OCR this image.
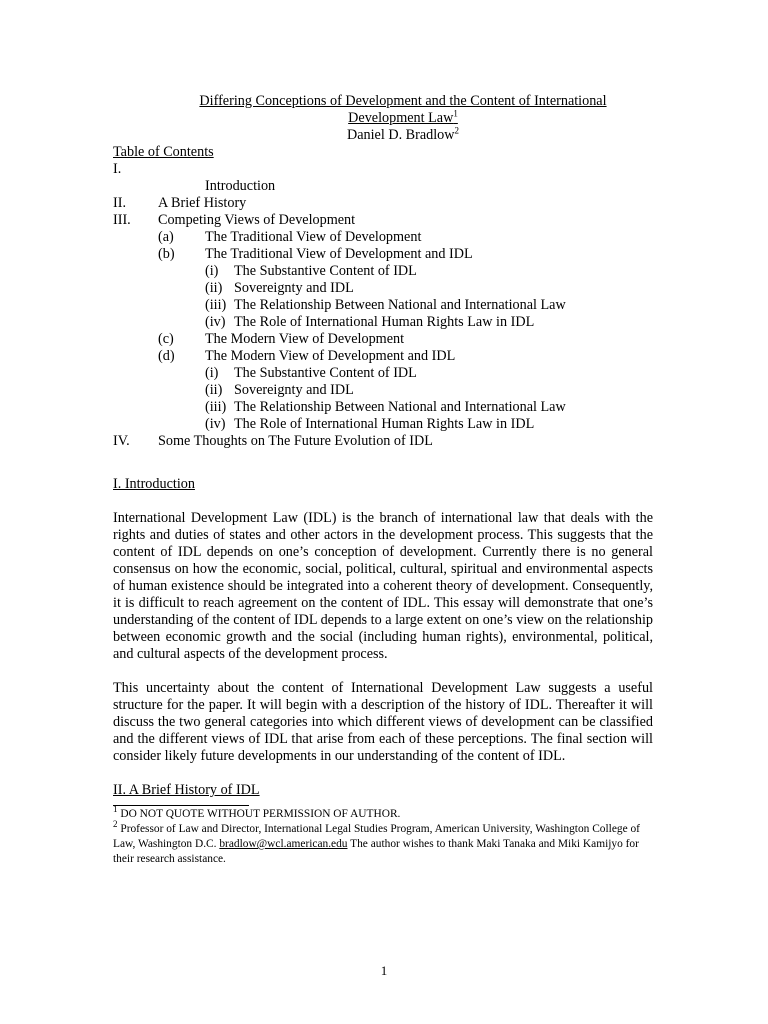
Differing Conceptions of Development and the Content of International
Development Law$^1$
Daniel D. Bradlow$^2$
Table of Contents
I.
Introduction
II. A Brief History
III. Competing Views of Development
(a) The Traditional View of Development
(b) The Traditional View of Development and IDL
(i) The Substantive Content of IDL
(ii) Sovereignty and IDL
(iii) The Relationship Between National and International Law
(iv) The Role of International Human Rights Law in IDL
(c) The Modern View of Development
(d) The Modern View of Development and IDL
(i) The Substantive Content of IDL
(ii) Sovereignty and IDL
(iii) The Relationship Between National and International Law
(iv) The Role of International Human Rights Law in IDL
IV. Some Thoughts on The Future Evolution of IDL
I. Introduction
International Development Law (IDL) is the branch of international law that deals with the rights and duties of states and other actors in the development process. This suggests that the content of IDL depends on one’s conception of development. Currently there is no general consensus on how the economic, social, political, cultural, spiritual and environmental aspects of human existence should be integrated into a coherent theory of development. Consequently, it is difficult to reach agreement on the content of IDL. This essay will demonstrate that one’s understanding of the content of IDL depends to a large extent on one’s view on the relationship between economic growth and the social (including human rights), environmental, political, and cultural aspects of the development process.
This uncertainty about the content of International Development Law suggests a useful structure for the paper. It will begin with a description of the history of IDL. Thereafter it will discuss the two general categories into which different views of development can be classified and the different views of IDL that arise from each of these perceptions. The final section will consider likely future developments in our understanding of the content of IDL.
II. A Brief History of IDL
$^1$ DO NOT QUOTE WITHOUT PERMISSION OF AUTHOR.
$^2$ Professor of Law and Director, International Legal Studies Program, American University, Washington College of Law, Washington D.C. bradlow@wcl.american.edu The author wishes to thank Maki Tanaka and Miki Kamijyo for their research assistance.
1
